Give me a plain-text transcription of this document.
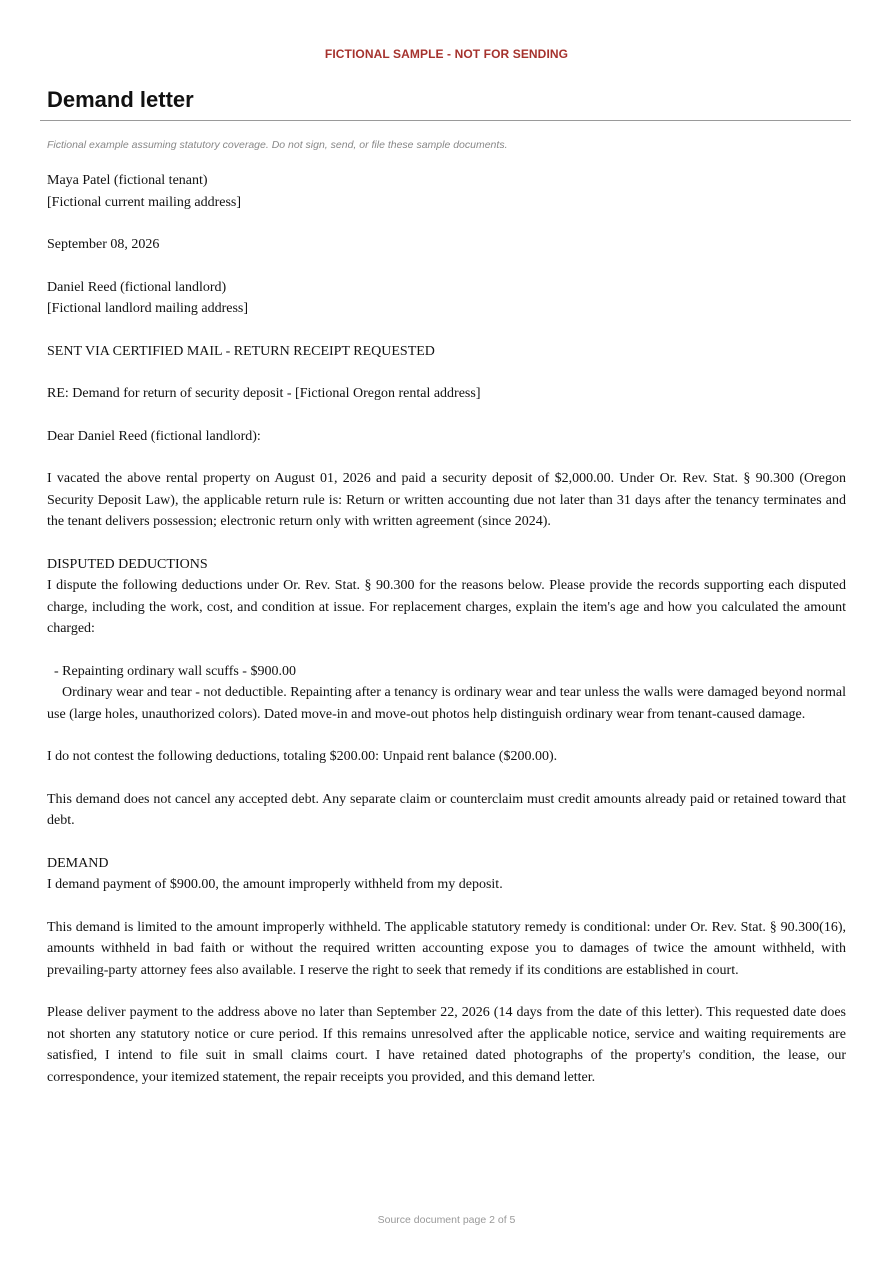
FICTIONAL SAMPLE - NOT FOR SENDING
Demand letter
Fictional example assuming statutory coverage. Do not sign, send, or file these sample documents.

Maya Patel (fictional tenant)
[Fictional current mailing address]

September 08, 2026

Daniel Reed (fictional landlord)
[Fictional landlord mailing address]

SENT VIA CERTIFIED MAIL - RETURN RECEIPT REQUESTED

RE: Demand for return of security deposit - [Fictional Oregon rental address]

Dear Daniel Reed (fictional landlord):

I vacated the above rental property on August 01, 2026 and paid a security deposit of $2,000.00. Under Or. Rev. Stat. § 90.300 (Oregon Security Deposit Law), the applicable return rule is: Return or written accounting due not later than 31 days after the tenancy terminates and the tenant delivers possession; electronic return only with written agreement (since 2024).

DISPUTED DEDUCTIONS

I dispute the following deductions under Or. Rev. Stat. § 90.300 for the reasons below. Please provide the records supporting each disputed charge, including the work, cost, and condition at issue. For replacement charges, explain the item's age and how you calculated the amount charged:

- Repainting ordinary wall scuffs - $900.00
Ordinary wear and tear - not deductible. Repainting after a tenancy is ordinary wear and tear unless the walls were damaged beyond normal use (large holes, unauthorized colors). Dated move-in and move-out photos help distinguish ordinary wear from tenant-caused damage.

I do not contest the following deductions, totaling $200.00: Unpaid rent balance ($200.00).

This demand does not cancel any accepted debt. Any separate claim or counterclaim must credit amounts already paid or retained toward that debt.

DEMAND

I demand payment of $900.00, the amount improperly withheld from my deposit.

This demand is limited to the amount improperly withheld. The applicable statutory remedy is conditional: under Or. Rev. Stat. § 90.300(16), amounts withheld in bad faith or without the required written accounting expose you to damages of twice the amount withheld, with prevailing-party attorney fees also available. I reserve the right to seek that remedy if its conditions are established in court.

Please deliver payment to the address above no later than September 22, 2026 (14 days from the date of this letter). This requested date does not shorten any statutory notice or cure period. If this remains unresolved after the applicable notice, service and waiting requirements are satisfied, I intend to file suit in small claims court. I have retained dated photographs of the property's condition, the lease, our correspondence, your itemized statement, the repair receipts you provided, and this demand letter.

Source document page 2 of 5
